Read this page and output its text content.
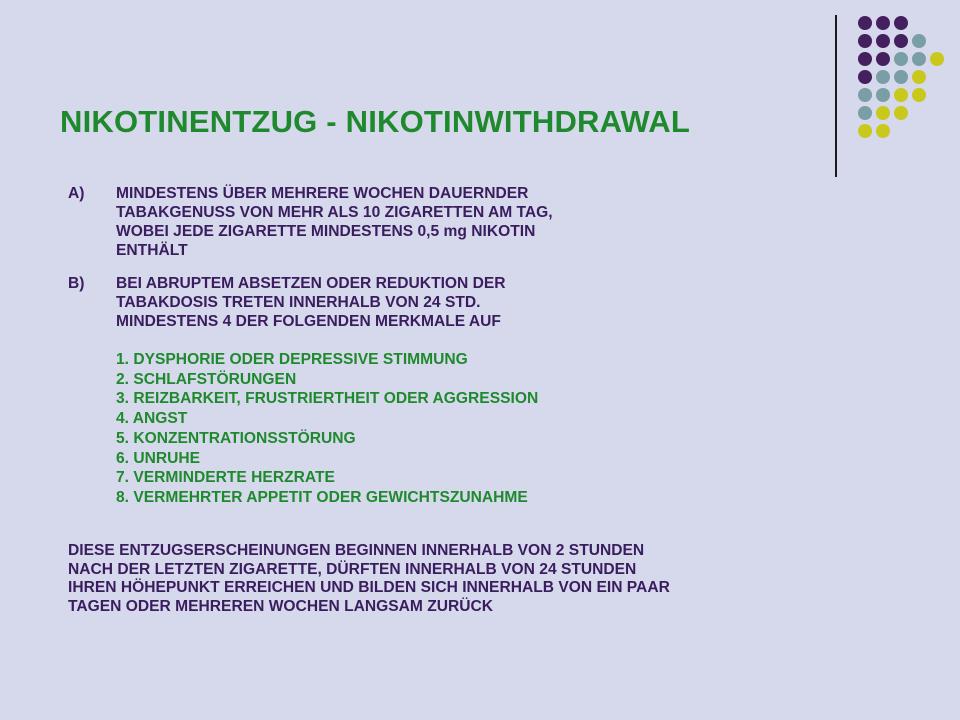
NIKOTINENTZUG - NIKOTINWITHDRAWAL
A)	MINDESTENS ÜBER MEHRERE WOCHEN DAUERNDER
TABAKGENUSS VON MEHR ALS 10 ZIGARETTEN AM TAG,
WOBEI JEDE ZIGARETTE MINDESTENS 0,5 mg NIKOTIN
ENTHÄLT
B)	BEI ABRUPTEM ABSETZEN ODER REDUKTION DER
TABAKDOSIS TRETEN INNERHALB VON 24 STD.
MINDESTENS 4 DER FOLGENDEN MERKMALE AUF
1. DYSPHORIE ODER DEPRESSIVE STIMMUNG
2. SCHLAFSTÖRUNGEN
3. REIZBARKEIT, FRUSTRIERTHEIT ODER AGGRESSION
4. ANGST
5. KONZENTRATIONSSTÖRUNG
6. UNRUHE
7. VERMINDERTE HERZRATE
8. VERMEHRTER APPETIT ODER GEWICHTSZUNAHME
DIESE ENTZUGSERSCHEINUNGEN BEGINNEN INNERHALB VON 2 STUNDEN
NACH DER LETZTEN ZIGARETTE, DÜRFTEN INNERHALB VON 24 STUNDEN
IHREN HÖHEPUNKT ERREICHEN UND BILDEN SICH INNERHALB VON EIN PAAR
TAGEN ODER MEHREREN WOCHEN LANGSAM ZURÜCK
